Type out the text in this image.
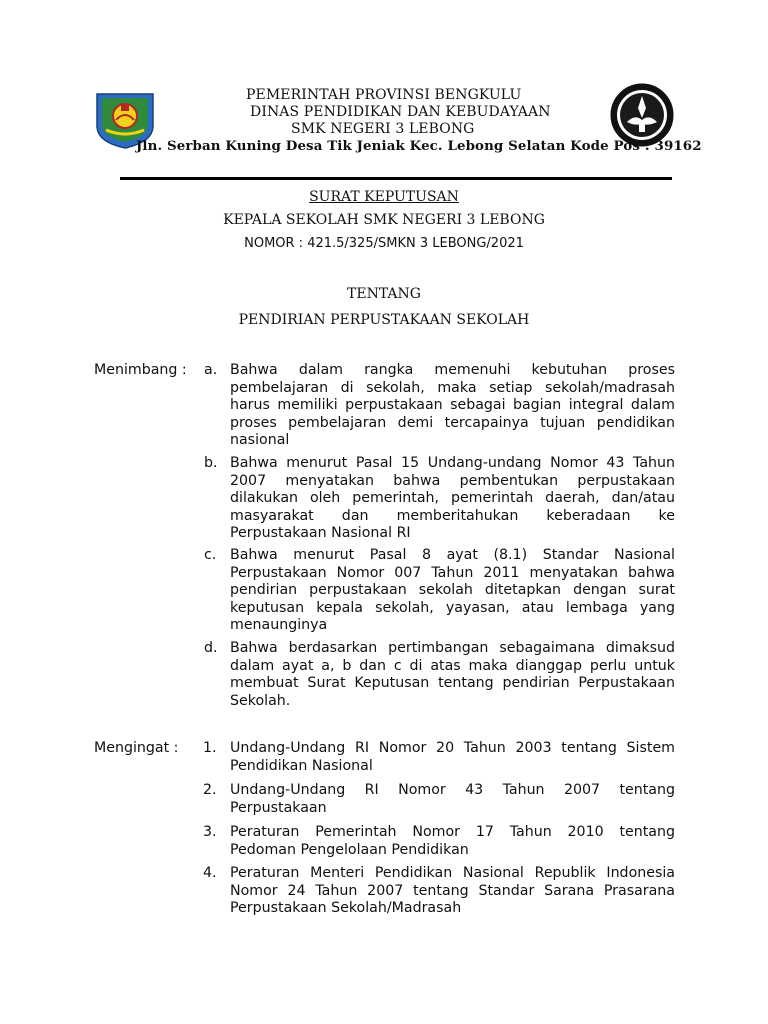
PEMERINTAH PROVINSI BENGKULU
DINAS PENDIDIKAN DAN KEBUDAYAAN
SMK NEGERI 3 LEBONG
Jln. Serban Kuning Desa Tik Jeniak Kec. Lebong Selatan Kode Pos : 39162
SURAT KEPUTUSAN
KEPALA SEKOLAH SMK NEGERI 3 LEBONG
NOMOR : 421.5/325/SMKN 3 LEBONG/2021
TENTANG
PENDIRIAN PERPUSTAKAAN SEKOLAH
Menimbang : a. Bahwa dalam rangka memenuhi kebutuhan proses pembelajaran di sekolah, maka setiap sekolah/madrasah harus memiliki perpustakaan sebagai bagian integral dalam proses pembelajaran demi tercapainya tujuan pendidikan nasional
b. Bahwa menurut Pasal 15 Undang-undang Nomor 43 Tahun 2007 menyatakan bahwa pembentukan perpustakaan dilakukan oleh pemerintah, pemerintah daerah, dan/atau masyarakat dan memberitahukan keberadaan ke Perpustakaan Nasional RI
c. Bahwa menurut Pasal 8 ayat (8.1) Standar Nasional Perpustakaan Nomor 007 Tahun 2011 menyatakan bahwa pendirian perpustakaan sekolah ditetapkan dengan surat keputusan kepala sekolah, yayasan, atau lembaga yang menaunginya
d. Bahwa berdasarkan pertimbangan sebagaimana dimaksud dalam ayat a, b dan c di atas maka dianggap perlu untuk membuat Surat Keputusan tentang pendirian Perpustakaan Sekolah.
Mengingat : 1. Undang-Undang RI Nomor 20 Tahun 2003 tentang Sistem Pendidikan Nasional
2. Undang-Undang RI Nomor 43 Tahun 2007 tentang Perpustakaan
3. Peraturan Pemerintah Nomor 17 Tahun 2010 tentang Pedoman Pengelolaan Pendidikan
4. Peraturan Menteri Pendidikan Nasional Republik Indonesia Nomor 24 Tahun 2007 tentang Standar Sarana Prasarana Perpustakaan Sekolah/Madrasah
